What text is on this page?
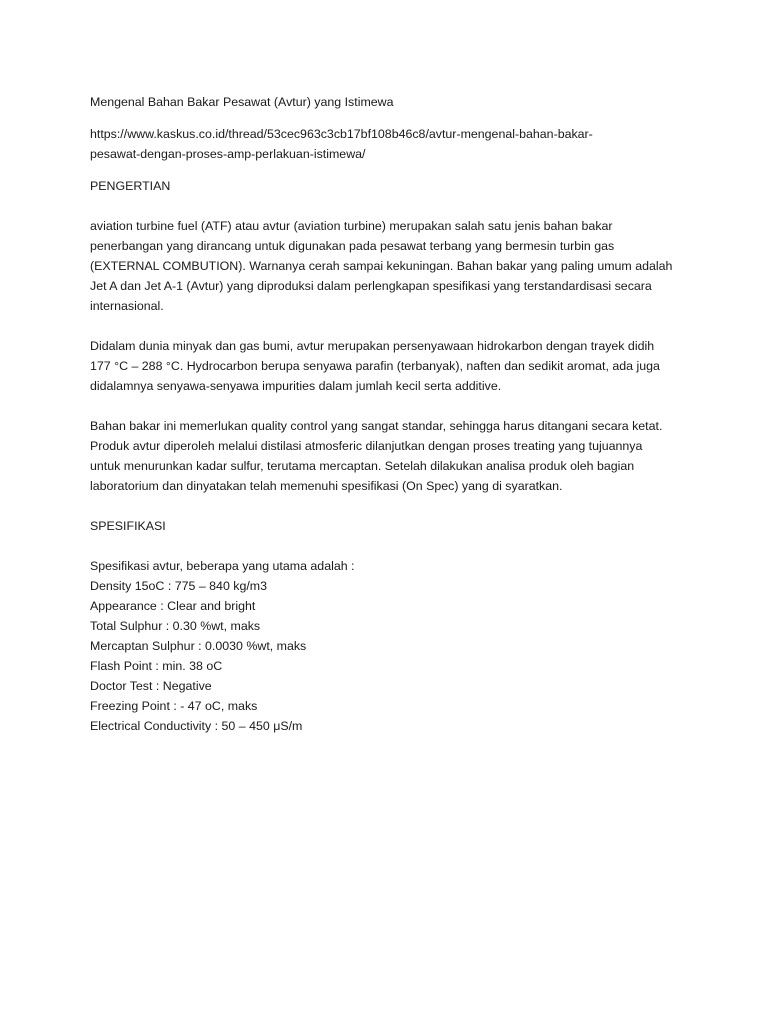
Mengenal Bahan Bakar Pesawat (Avtur) yang Istimewa
https://www.kaskus.co.id/thread/53cec963c3cb17bf108b46c8/avtur-mengenal-bahan-bakar-
pesawat-dengan-proses-amp-perlakuan-istimewa/
PENGERTIAN
aviation turbine fuel (ATF) atau avtur (aviation turbine) merupakan salah satu jenis bahan bakar
penerbangan yang dirancang untuk digunakan pada pesawat terbang yang bermesin turbin gas
(EXTERNAL COMBUTION). Warnanya cerah sampai kekuningan. Bahan bakar yang paling umum adalah
Jet A dan Jet A-1 (Avtur) yang diproduksi dalam perlengkapan spesifikasi yang terstandardisasi secara
internasional.
Didalam dunia minyak dan gas bumi, avtur merupakan persenyawaan hidrokarbon dengan trayek didih
177 °C – 288 °C. Hydrocarbon berupa senyawa parafin (terbanyak), naften dan sedikit aromat, ada juga
didalamnya senyawa-senyawa impurities dalam jumlah kecil serta additive.
Bahan bakar ini memerlukan quality control yang sangat standar, sehingga harus ditangani secara ketat.
Produk avtur diperoleh melalui distilasi atmosferic dilanjutkan dengan proses treating yang tujuannya
untuk menurunkan kadar sulfur, terutama mercaptan. Setelah dilakukan analisa produk oleh bagian
laboratorium dan dinyatakan telah memenuhi spesifikasi (On Spec) yang di syaratkan.
SPESIFIKASI
Spesifikasi avtur, beberapa yang utama adalah :
Density 15oC : 775 – 840 kg/m3
Appearance : Clear and bright
Total Sulphur : 0.30 %wt, maks
Mercaptan Sulphur : 0.0030 %wt, maks
Flash Point : min. 38 oC
Doctor Test : Negative
Freezing Point : - 47 oC, maks
Electrical Conductivity : 50 – 450 μS/m
